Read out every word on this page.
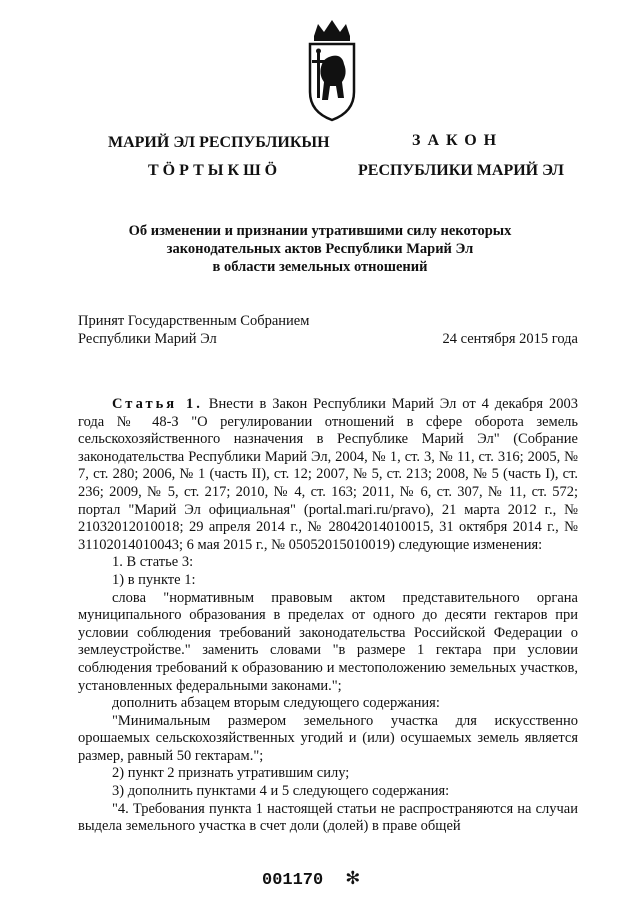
МАРИЙ ЭЛ РЕСПУБЛИКЫН
ТӦРТЫКШӦ
ЗАКОН
РЕСПУБЛИКИ МАРИЙ ЭЛ
Об изменении и признании утратившими силу некоторых
законодательных актов Республики Марий Эл
в области земельных отношений
Принят Государственным Собранием
Республики Марий Эл	24 сентября 2015 года

Статья 1. Внести в Закон Республики Марий Эл от 4 декабря 2003 года № 48-З "О регулировании отношений в сфере оборота земель сельскохозяйственного назначения в Республике Марий Эл" (Собрание законодательства Республики Марий Эл, 2004, № 1, ст. 3, № 11, ст. 316; 2005, № 7, ст. 280; 2006, № 1 (часть II), ст. 12; 2007, № 5, ст. 213; 2008, № 5 (часть I), ст. 236; 2009, № 5, ст. 217; 2010, № 4, ст. 163; 2011, № 6, ст. 307, № 11, ст. 572; портал "Марий Эл официальная" (portal.mari.ru/pravo), 21 марта 2012 г., № 21032012010018; 29 апреля 2014 г., № 28042014010015, 31 октября 2014 г., № 31102014010043; 6 мая 2015 г., № 05052015010019) следующие изменения:

1. В статье 3:

1) в пункте 1:

слова "нормативным правовым актом представительного органа муниципального образования в пределах от одного до десяти гектаров при условии соблюдения требований законодательства Российской Федерации о землеустройстве." заменить словами "в размере 1 гектара при условии соблюдения требований к образованию и местоположению земельных участков, установленных федеральными законами.";

дополнить абзацем вторым следующего содержания:

"Минимальным размером земельного участка для искусственно орошаемых сельскохозяйственных угодий и (или) осушаемых земель является размер, равный 50 гектарам.";

2) пункт 2 признать утратившим силу;

3) дополнить пунктами 4 и 5 следующего содержания:

"4. Требования пункта 1 настоящей статьи не распространяются на случаи выдела земельного участка в счет доли (долей) в праве общей

001170 ✻
